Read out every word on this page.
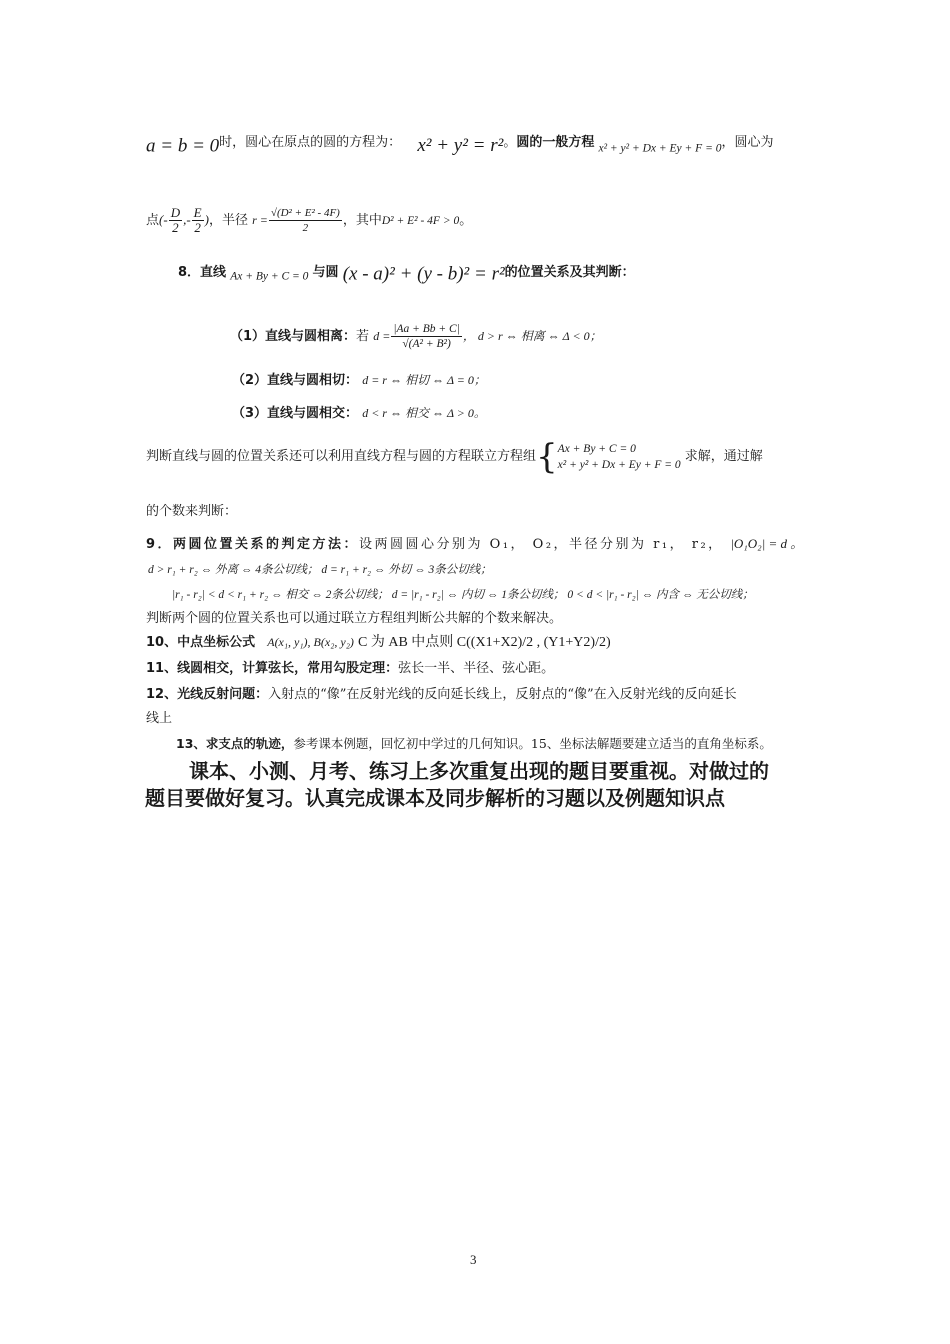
a = b = 0时，圆心在原点的圆的方程为： x² + y² = r²。圆的一般方程 x² + y² + Dx + Ey + F = 0，圆心为
点(- $\frac{D}{2}$ ,- $\frac{E}{2}$ )，半径 $r = \frac{\text{√(D² + E² - 4F)}}{2}$ ，其中D² + E² - 4F > 0。
8．直线 Ax + By + C = 0 与圆 (x - a)² + (y - b)² = r²的位置关系及其判断：
（1）直线与圆相离：若 $d = \frac{|Aa + Bb + C|}{\text{√(A² + B²)}}$ ， d > r ⇔ 相离 ⇔ Δ < 0；
（2）直线与圆相切： d = r ⇔ 相切 ⇔ Δ = 0；
（3）直线与圆相交： d < r ⇔ 相交 ⇔ Δ > 0。
判断直线与圆的位置关系还可以利用直线方程与圆的方程联立方程组{ Ax + By + C = 0
x² + y² + Dx + Ey + F = 0
求解，通过解
的个数来判断：
9．两圆位置关系的判定方法：设两圆圆心分别为 O₁， O₂，半径分别为 r₁， r₂， |O₁O₂| = d 。
d > r₁ + r₂ ⇔ 外离 ⇔ 4条公切线； d = r₁ + r₂ ⇔ 外切 ⇔ 3条公切线；
|r₁ - r₂| < d < r₁ + r₂ ⇔ 相交 ⇔ 2条公切线； d = |r₁ - r₂| ⇔ 内切 ⇔ 1条公切线； 0 < d < |r₁ - r₂| ⇔ 内含 ⇔ 无公切线；
判断两个圆的位置关系也可以通过联立方程组判断公共解的个数来解决。
10、中点坐标公式 A(x₁, y₁), B(x₂, y₂) C 为 AB 中点则 C((X1+X2)/2 , (Y1+Y2)/2)
11、线圆相交，计算弦长，常用勾股定理：弦长一半、半径、弦心距。
12、光线反射问题：入射点的“像”在反射光线的反向延长线上，反射点的“像”在入反射光线的反向延长
线上
13、求支点的轨迹，参考课本例题，回忆初中学过的几何知识。15、坐标法解题要建立适当的直角坐标系。
课本、小测、月考、练习上多次重复出现的题目要重视。对做过的
题目要做好复习。认真完成课本及同步解析的习题以及例题知识点
3
